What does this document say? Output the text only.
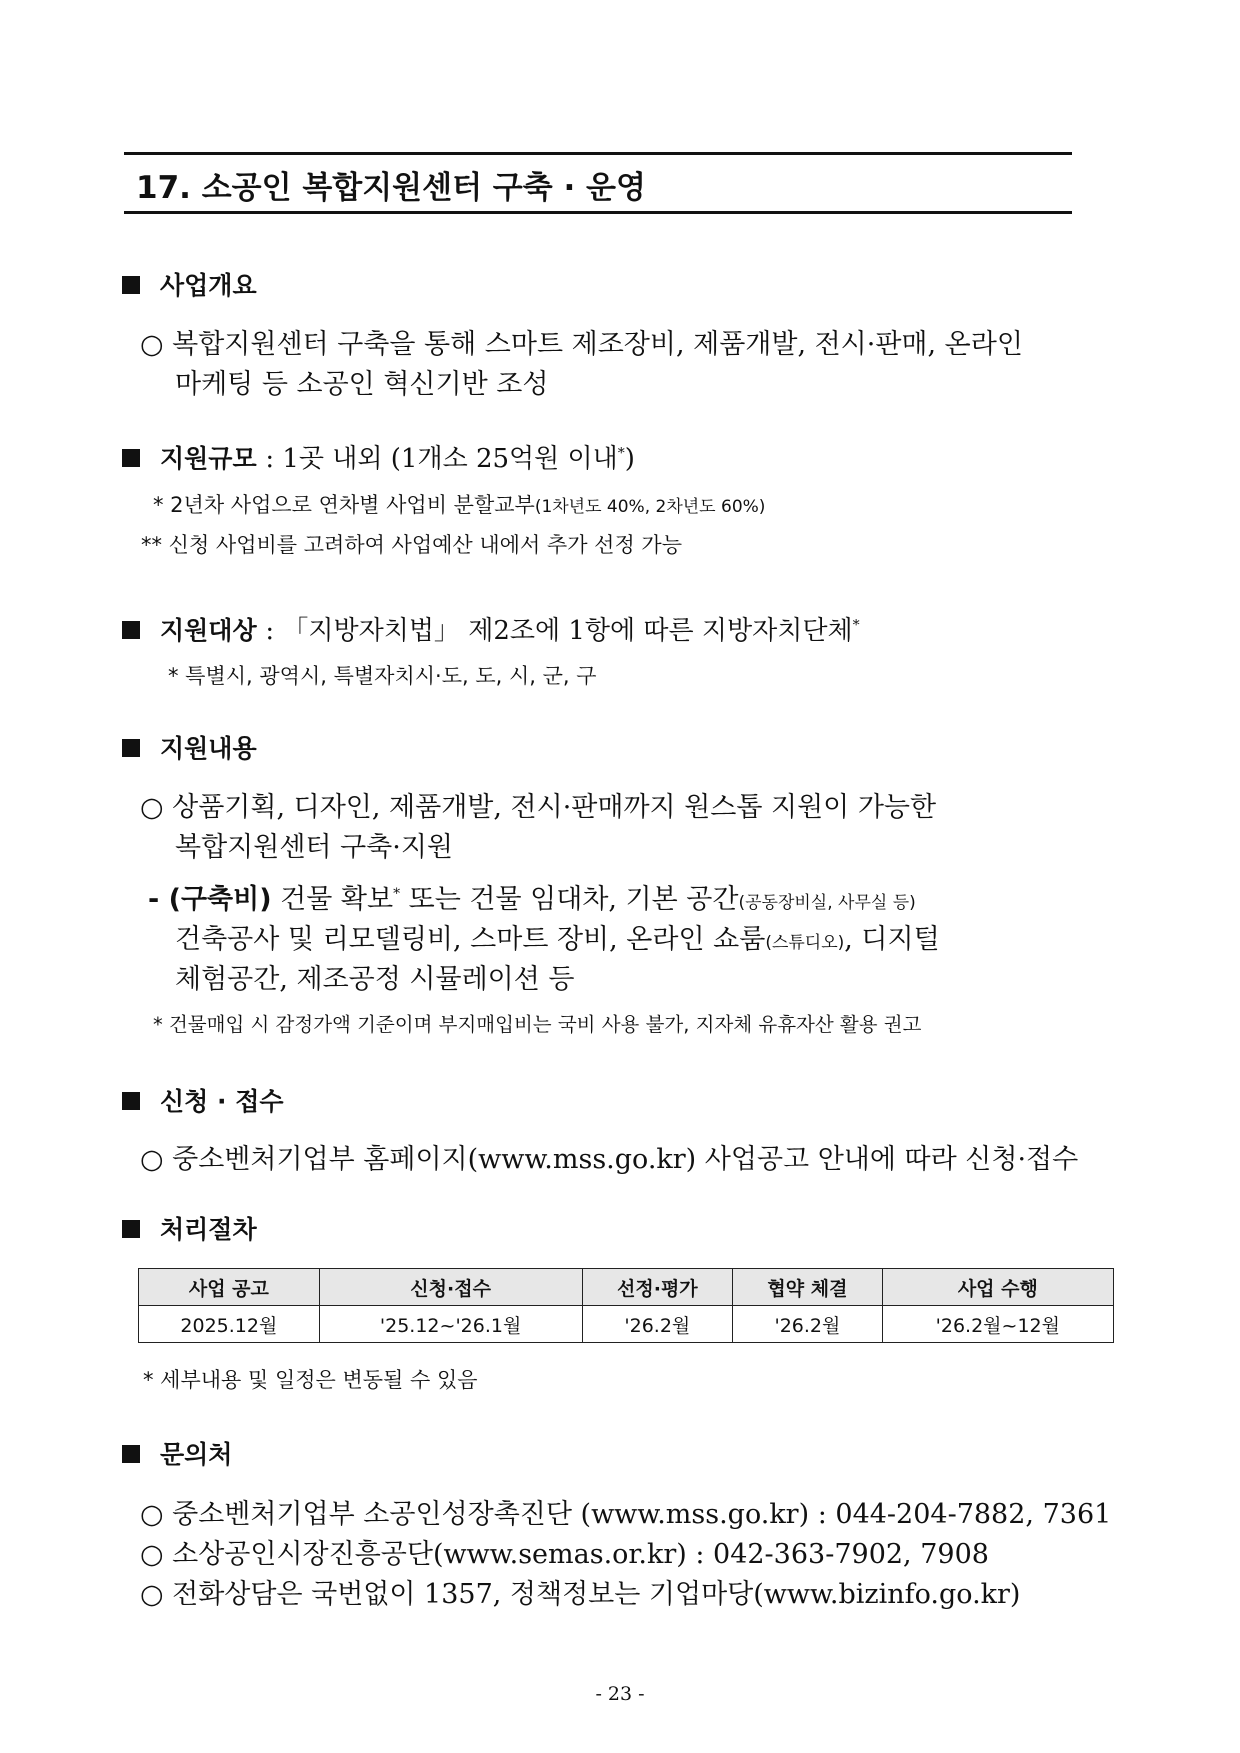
17. 소공인 복합지원센터 구축 · 운영
사업개요
○ 복합지원센터 구축을 통해 스마트 제조장비, 제품개발, 전시·판매, 온라인
마케팅 등 소공인 혁신기반 조성
지원규모 : 1곳 내외 (1개소 25억원 이내*)
* 2년차 사업으로 연차별 사업비 분할교부(1차년도 40%, 2차년도 60%)
** 신청 사업비를 고려하여 사업예산 내에서 추가 선정 가능
지원대상 : 「지방자치법」 제2조에 1항에 따른 지방자치단체*
* 특별시, 광역시, 특별자치시·도, 도, 시, 군, 구
지원내용
○ 상품기획, 디자인, 제품개발, 전시·판매까지 원스톱 지원이 가능한
복합지원센터 구축·지원
- (구축비) 건물 확보* 또는 건물 임대차, 기본 공간(공동장비실, 사무실 등)
건축공사 및 리모델링비, 스마트 장비, 온라인 쇼룸(스튜디오), 디지털
체험공간, 제조공정 시뮬레이션 등
* 건물매입 시 감정가액 기준이며 부지매입비는 국비 사용 불가, 지자체 유휴자산 활용 권고
신청 · 접수
○ 중소벤처기업부 홈페이지(www.mss.go.kr) 사업공고 안내에 따라 신청·접수
처리절차
사업 공고	신청·접수	선정·평가	협약 체결	사업 수행
2025.12월	'25.12~'26.1월	'26.2월	'26.2월	'26.2월~12월
* 세부내용 및 일정은 변동될 수 있음
문의처
○ 중소벤처기업부 소공인성장촉진단 (www.mss.go.kr) : 044-204-7882, 7361
○ 소상공인시장진흥공단(www.semas.or.kr) : 042-363-7902, 7908
○ 전화상담은 국번없이 1357, 정책정보는 기업마당(www.bizinfo.go.kr)
- 23 -
